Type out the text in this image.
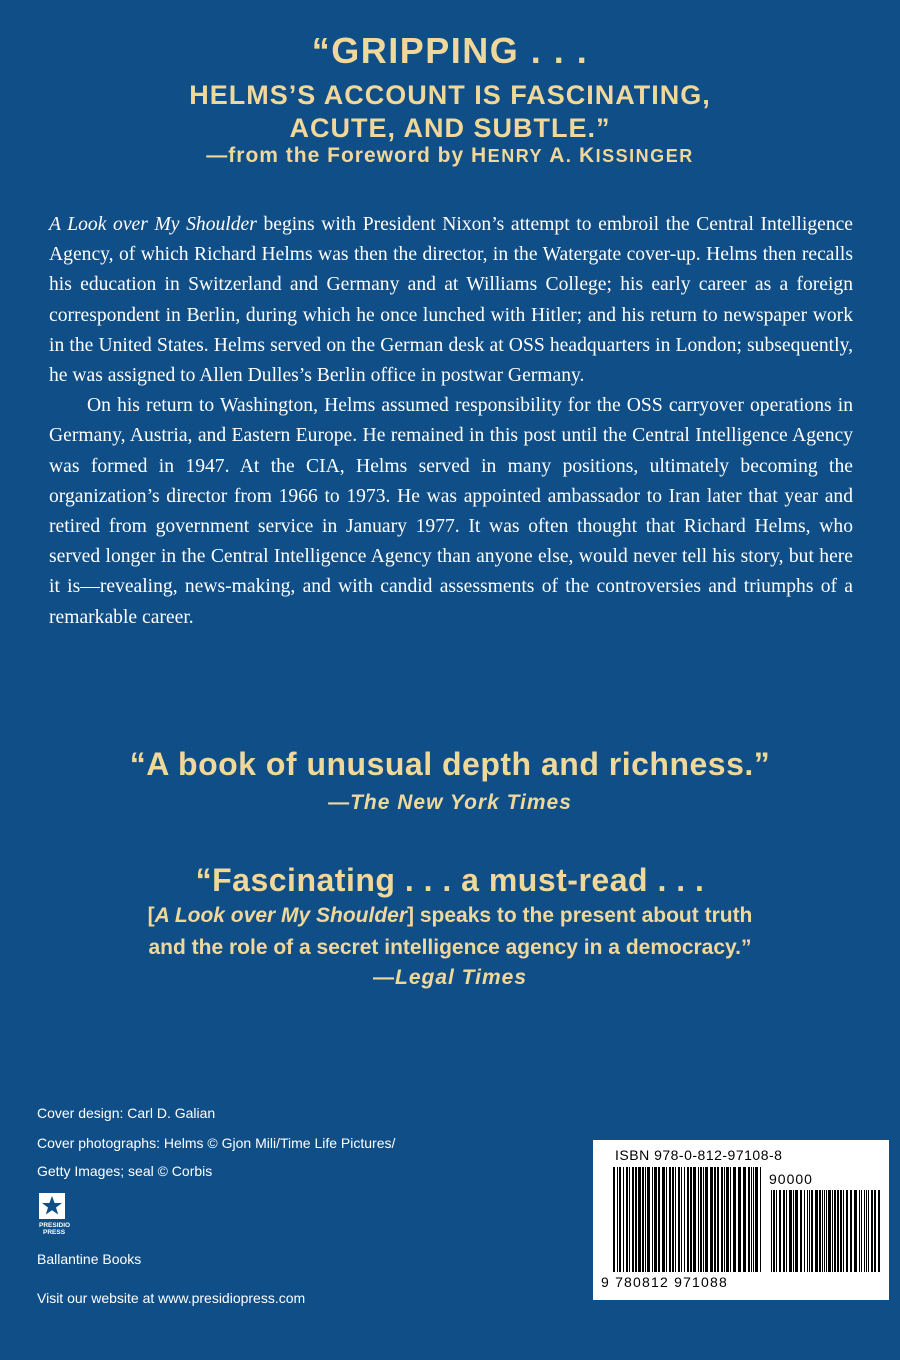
“GRIPPING . . .
HELMS’S ACCOUNT IS FASCINATING,
ACUTE, AND SUBTLE.”
—from the Foreword by HENRY A. KISSINGER

A Look over My Shoulder begins with President Nixon’s attempt to embroil the Central Intelligence Agency, of which Richard Helms was then the director, in the Watergate cover-up. Helms then recalls his education in Switzerland and Germany and at Williams College; his early career as a foreign correspondent in Berlin, during which he once lunched with Hitler; and his return to newspaper work in the United States. Helms served on the German desk at OSS headquarters in London; subsequently, he was assigned to Allen Dulles’s Berlin office in postwar Germany.

On his return to Washington, Helms assumed responsibility for the OSS carryover operations in Germany, Austria, and Eastern Europe. He remained in this post until the Central Intelligence Agency was formed in 1947. At the CIA, Helms served in many positions, ultimately becoming the organization’s director from 1966 to 1973. He was appointed ambassador to Iran later that year and retired from government service in January 1977. It was often thought that Richard Helms, who served longer in the Central Intelligence Agency than anyone else, would never tell his story, but here it is—revealing, news-making, and with candid assessments of the controversies and triumphs of a remarkable career.

“A book of unusual depth and richness.”
—The New York Times
“Fascinating . . . a must-read . . .
[A Look over My Shoulder] speaks to the present about truth
and the role of a secret intelligence agency in a democracy.”
—Legal Times
Cover design: Carl D. Galian
Cover photographs: Helms © Gjon Mili/Time Life Pictures/
Getty Images; seal © Corbis
PRESIDIO
PRESS
Ballantine Books
Visit our website at www.presidiopress.com
ISBN 978-0-812-97108-8
90000
9 780812 971088
